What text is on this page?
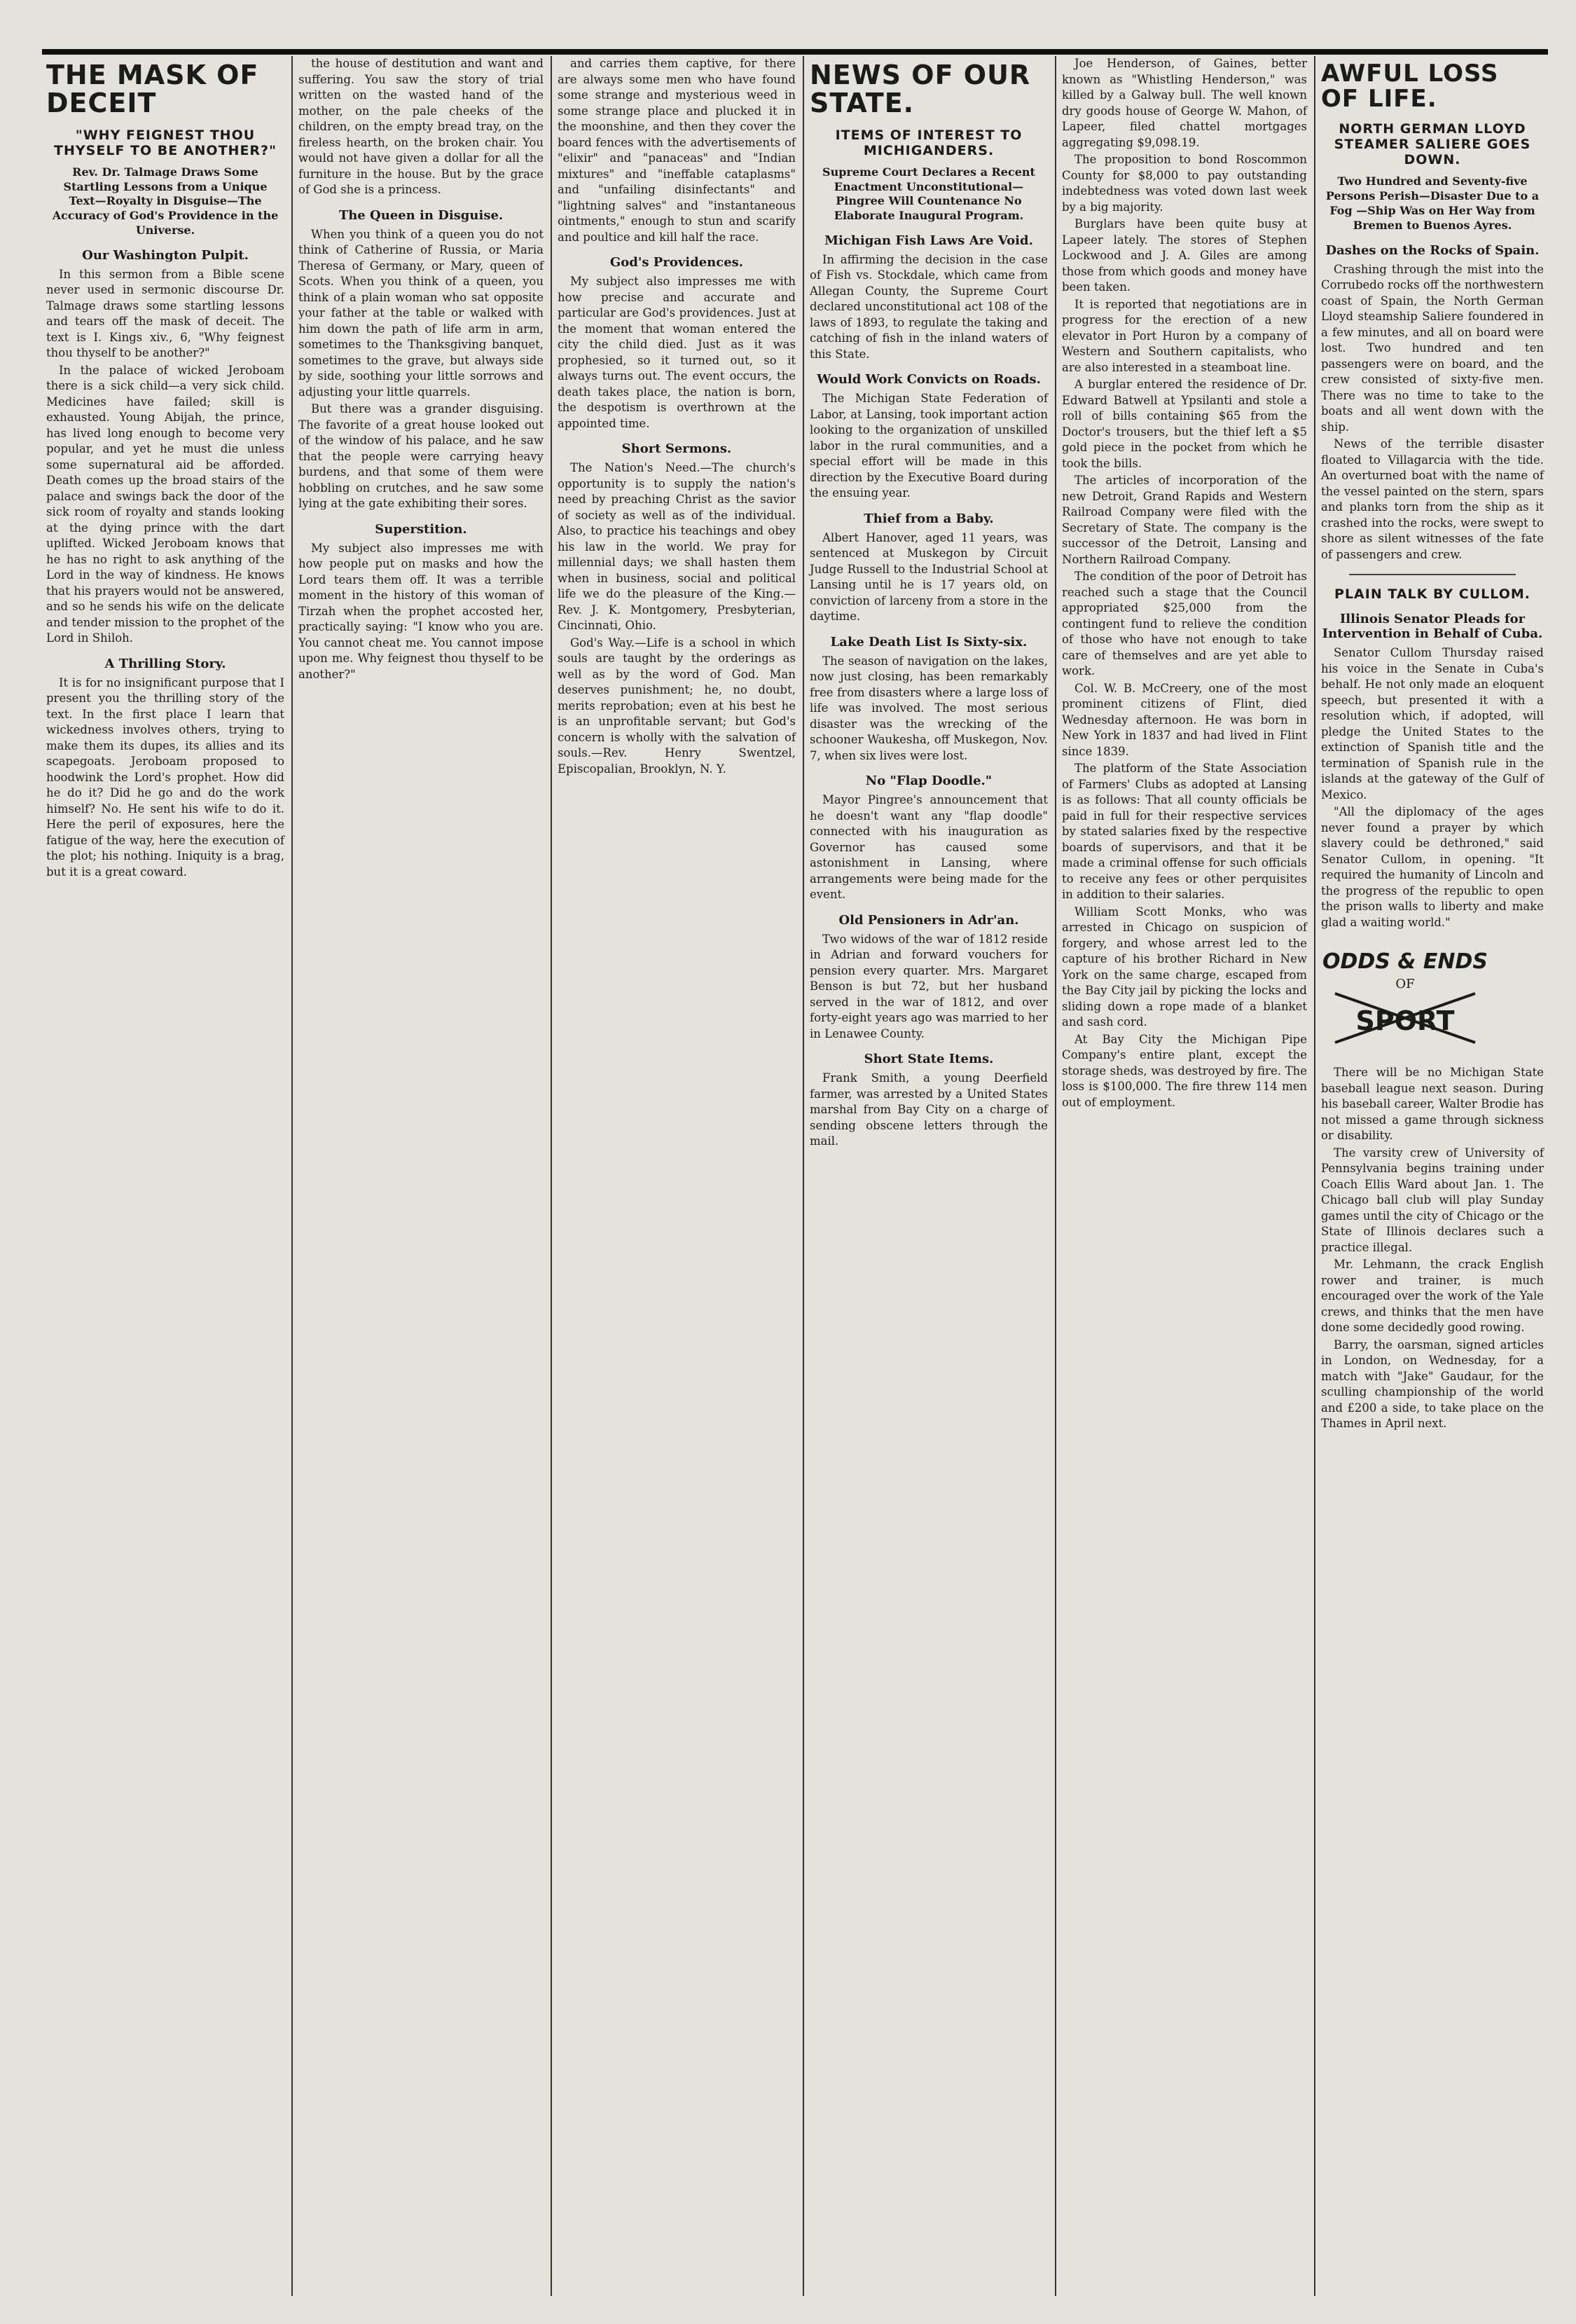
THE MASK OF DECEIT
"WHY FEIGNEST THOU THYSELF TO BE ANOTHER?"
Rev. Dr. Talmage Draws Some Startling Lessons from a Unique Text—Royalty in Disguise—The Accuracy of God's Providence in the Universe.
Our Washington Pulpit.

In this sermon from a Bible scene never used in sermonic discourse Dr. Talmage draws some startling lessons and tears off the mask of deceit. The text is I. Kings xiv., 6, "Why feignest thou thyself to be another?"

In the palace of wicked Jeroboam there is a sick child—a very sick child. Medicines have failed; skill is exhausted. Young Abijah, the prince, has lived long enough to become very popular, and yet he must die unless some supernatural aid be afforded. Death comes up the broad stairs of the palace and swings back the door of the sick room of royalty and stands looking at the dying prince with the dart uplifted. Wicked Jeroboam knows that he has no right to ask anything of the Lord in the way of kindness. He knows that his prayers would not be answered, and so he sends his wife on the delicate and tender mission to the prophet of the Lord in Shiloh.

A Thrilling Story.

It is for no insignificant purpose that I present you the thrilling story of the text. In the first place I learn that wickedness involves others, trying to make them its dupes, its allies and its scapegoats. Jeroboam proposed to hoodwink the Lord's prophet. How did he do it? Did he go and do the work himself? No. He sent his wife to do it. Here the peril of exposures, here the fatigue of the way, here the execution of the plot; his nothing. Iniquity is a brag, but it is a great coward.

the house of destitution and want and suffering. You saw the story of trial written on the wasted hand of the mother, on the pale cheeks of the children, on the empty bread tray, on the fireless hearth, on the broken chair. You would not have given a dollar for all the furniture in the house. But by the grace of God she is a princess.

The Queen in Disguise.

When you think of a queen you do not think of Catherine of Russia, or Maria Theresa of Germany, or Mary, queen of Scots. When you think of a queen, you think of a plain woman who sat opposite your father at the table or walked with him down the path of life arm in arm, sometimes to the Thanksgiving banquet, sometimes to the grave, but always side by side, soothing your little sorrows and adjusting your little quarrels.

But there was a grander disguising. The favorite of a great house looked out of the window of his palace, and he saw that the people were carrying heavy burdens, and that some of them were hobbling on crutches, and he saw some lying at the gate exhibiting their sores.

Superstition.

My subject also impresses me with how people put on masks and how the Lord tears them off. It was a terrible moment in the history of this woman of Tirzah when the prophet accosted her, practically saying: "I know who you are. You cannot cheat me. You cannot impose upon me. Why feignest thou thyself to be another?"

and carries them captive, for there are always some men who have found some strange and mysterious weed in some strange place and plucked it in the moonshine, and then they cover the board fences with the advertisements of "elixir" and "panaceas" and "Indian mixtures" and "ineffable cataplasms" and "unfailing disinfectants" and "lightning salves" and "instantaneous ointments," enough to stun and scarify and poultice and kill half the race.

God's Providences.

My subject also impresses me with how precise and accurate and particular are God's providences. Just at the moment that woman entered the city the child died. Just as it was prophesied, so it turned out, so it always turns out. The event occurs, the death takes place, the nation is born, the despotism is overthrown at the appointed time.

Short Sermons.

The Nation's Need.—The church's opportunity is to supply the nation's need by preaching Christ as the savior of society as well as of the individual. Also, to practice his teachings and obey his law in the world. We pray for millennial days; we shall hasten them when in business, social and political life we do the pleasure of the King.—Rev. J. K. Montgomery, Presbyterian, Cincinnati, Ohio.

God's Way.—Life is a school in which souls are taught by the orderings as well as by the word of God. Man deserves punishment; he, no doubt, merits reprobation; even at his best he is an unprofitable servant; but God's concern is wholly with the salvation of souls.—Rev. Henry Swentzel, Episcopalian, Brooklyn, N. Y.

NEWS OF OUR STATE.
ITEMS OF INTEREST TO MICHIGANDERS.
Supreme Court Declares a Recent Enactment Unconstitutional—Pingree Will Countenance No Elaborate Inaugural Program.
Michigan Fish Laws Are Void.

In affirming the decision in the case of Fish vs. Stockdale, which came from Allegan County, the Supreme Court declared unconstitutional act 108 of the laws of 1893, to regulate the taking and catching of fish in the inland waters of this State.

Would Work Convicts on Roads.

The Michigan State Federation of Labor, at Lansing, took important action looking to the organization of unskilled labor in the rural communities, and a special effort will be made in this direction by the Executive Board during the ensuing year.

Thief from a Baby.

Albert Hanover, aged 11 years, was sentenced at Muskegon by Circuit Judge Russell to the Industrial School at Lansing until he is 17 years old, on conviction of larceny from a store in the daytime.

Lake Death List Is Sixty-six.

The season of navigation on the lakes, now just closing, has been remarkably free from disasters where a large loss of life was involved. The most serious disaster was the wrecking of the schooner Waukesha, off Muskegon, Nov. 7, when six lives were lost.

No "Flap Doodle."

Mayor Pingree's announcement that he doesn't want any "flap doodle" connected with his inauguration as Governor has caused some astonishment in Lansing, where arrangements were being made for the event.

Old Pensioners in Adr'an.

Two widows of the war of 1812 reside in Adrian and forward vouchers for pension every quarter. Mrs. Margaret Benson is but 72, but her husband served in the war of 1812, and over forty-eight years ago was married to her in Lenawee County.

Short State Items.

Frank Smith, a young Deerfield farmer, was arrested by a United States marshal from Bay City on a charge of sending obscene letters through the mail.

Joe Henderson, of Gaines, better known as "Whistling Henderson," was killed by a Galway bull. The well known dry goods house of George W. Mahon, of Lapeer, filed chattel mortgages aggregating $9,098.19.

The proposition to bond Roscommon County for $8,000 to pay outstanding indebtedness was voted down last week by a big majority.

Burglars have been quite busy at Lapeer lately. The stores of Stephen Lockwood and J. A. Giles are among those from which goods and money have been taken.

It is reported that negotiations are in progress for the erection of a new elevator in Port Huron by a company of Western and Southern capitalists, who are also interested in a steamboat line.

A burglar entered the residence of Dr. Edward Batwell at Ypsilanti and stole a roll of bills containing $65 from the Doctor's trousers, but the thief left a $5 gold piece in the pocket from which he took the bills.

The articles of incorporation of the new Detroit, Grand Rapids and Western Railroad Company were filed with the Secretary of State. The company is the successor of the Detroit, Lansing and Northern Railroad Company.

The condition of the poor of Detroit has reached such a stage that the Council appropriated $25,000 from the contingent fund to relieve the condition of those who have not enough to take care of themselves and are yet able to work.

Col. W. B. McCreery, one of the most prominent citizens of Flint, died Wednesday afternoon. He was born in New York in 1837 and had lived in Flint since 1839.

The platform of the State Association of Farmers' Clubs as adopted at Lansing is as follows: That all county officials be paid in full for their respective services by stated salaries fixed by the respective boards of supervisors, and that it be made a criminal offense for such officials to receive any fees or other perquisites in addition to their salaries.

William Scott Monks, who was arrested in Chicago on suspicion of forgery, and whose arrest led to the capture of his brother Richard in New York on the same charge, escaped from the Bay City jail by picking the locks and sliding down a rope made of a blanket and sash cord.

At Bay City the Michigan Pipe Company's entire plant, except the storage sheds, was destroyed by fire. The loss is $100,000. The fire threw 114 men out of employment.

AWFUL LOSS OF LIFE.
NORTH GERMAN LLOYD STEAMER SALIERE GOES DOWN.
Two Hundred and Seventy-five Persons Perish—Disaster Due to a Fog —Ship Was on Her Way from Bremen to Buenos Ayres.
Dashes on the Rocks of Spain.

Crashing through the mist into the Corrubedo rocks off the northwestern coast of Spain, the North German Lloyd steamship Saliere foundered in a few minutes, and all on board were lost. Two hundred and ten passengers were on board, and the crew consisted of sixty-five men. There was no time to take to the boats and all went down with the ship.

News of the terrible disaster floated to Villagarcia with the tide. An overturned boat with the name of the vessel painted on the stern, spars and planks torn from the ship as it crashed into the rocks, were swept to shore as silent witnesses of the fate of passengers and crew.

PLAIN TALK BY CULLOM.
Illinois Senator Pleads for Intervention in Behalf of Cuba.

Senator Cullom Thursday raised his voice in the Senate in Cuba's behalf. He not only made an eloquent speech, but presented it with a resolution which, if adopted, will pledge the United States to the extinction of Spanish title and the termination of Spanish rule in the islands at the gateway of the Gulf of Mexico.

"All the diplomacy of the ages never found a prayer by which slavery could be dethroned," said Senator Cullom, in opening. "It required the humanity of Lincoln and the progress of the republic to open the prison walls to liberty and make glad a waiting world."

ODDS & ENDS
OF
SPORT

There will be no Michigan State baseball league next season. During his baseball career, Walter Brodie has not missed a game through sickness or disability.

The varsity crew of University of Pennsylvania begins training under Coach Ellis Ward about Jan. 1. The Chicago ball club will play Sunday games until the city of Chicago or the State of Illinois declares such a practice illegal.

Mr. Lehmann, the crack English rower and trainer, is much encouraged over the work of the Yale crews, and thinks that the men have done some decidedly good rowing.

Barry, the oarsman, signed articles in London, on Wednesday, for a match with "Jake" Gaudaur, for the sculling championship of the world and £200 a side, to take place on the Thames in April next.
